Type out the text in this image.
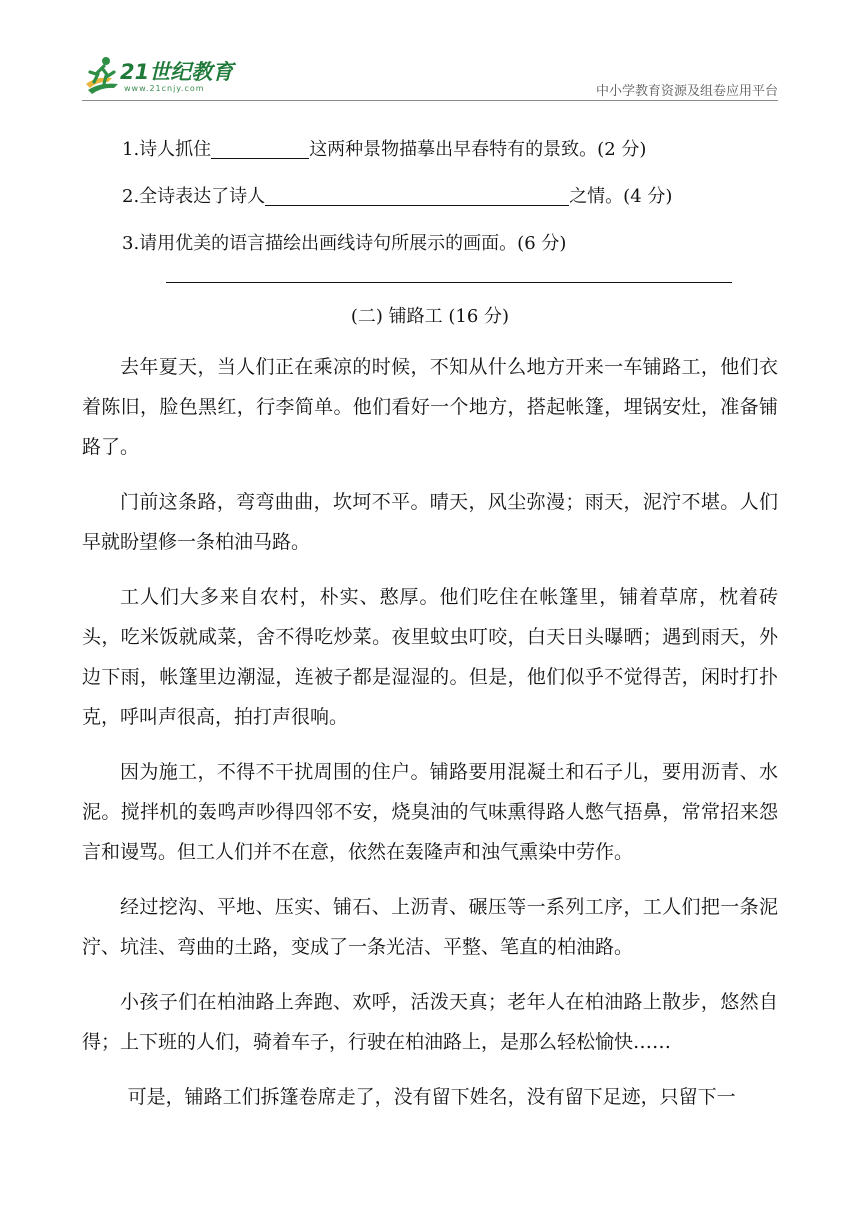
21世纪教育
www.21cnjy.com	中小学教育资源及组卷应用平台
1.诗人抓住	这两种景物描摹出早春特有的景致。(2 分)
2.全诗表达了诗人	之情。(4 分)
3.请用优美的语言描绘出画线诗句所展示的画面。(6 分)
(二) 铺路工 (16 分)

去年夏天，当人们正在乘凉的时候，不知从什么地方开来一车铺路工，他们衣着陈旧，脸色黑红，行李简单。他们看好一个地方，搭起帐篷，埋锅安灶，准备铺路了。

门前这条路，弯弯曲曲，坎坷不平。晴天，风尘弥漫；雨天，泥泞不堪。人们早就盼望修一条柏油马路。

工人们大多来自农村，朴实、憨厚。他们吃住在帐篷里，铺着草席，枕着砖头，吃米饭就咸菜，舍不得吃炒菜。夜里蚊虫叮咬，白天日头曝晒；遇到雨天，外边下雨，帐篷里边潮湿，连被子都是湿湿的。但是，他们似乎不觉得苦，闲时打扑克，呼叫声很高，拍打声很响。

因为施工，不得不干扰周围的住户。铺路要用混凝土和石子儿，要用沥青、水泥。搅拌机的轰鸣声吵得四邻不安，烧臭油的气味熏得路人憋气捂鼻，常常招来怨言和谩骂。但工人们并不在意，依然在轰隆声和浊气熏染中劳作。

经过挖沟、平地、压实、铺石、上沥青、碾压等一系列工序，工人们把一条泥泞、坑洼、弯曲的土路，变成了一条光洁、平整、笔直的柏油路。

小孩子们在柏油路上奔跑、欢呼，活泼天真；老年人在柏油路上散步，悠然自得；上下班的人们，骑着车子，行驶在柏油路上，是那么轻松愉快……

可是，铺路工们拆篷卷席走了，没有留下姓名，没有留下足迹，只留下一
